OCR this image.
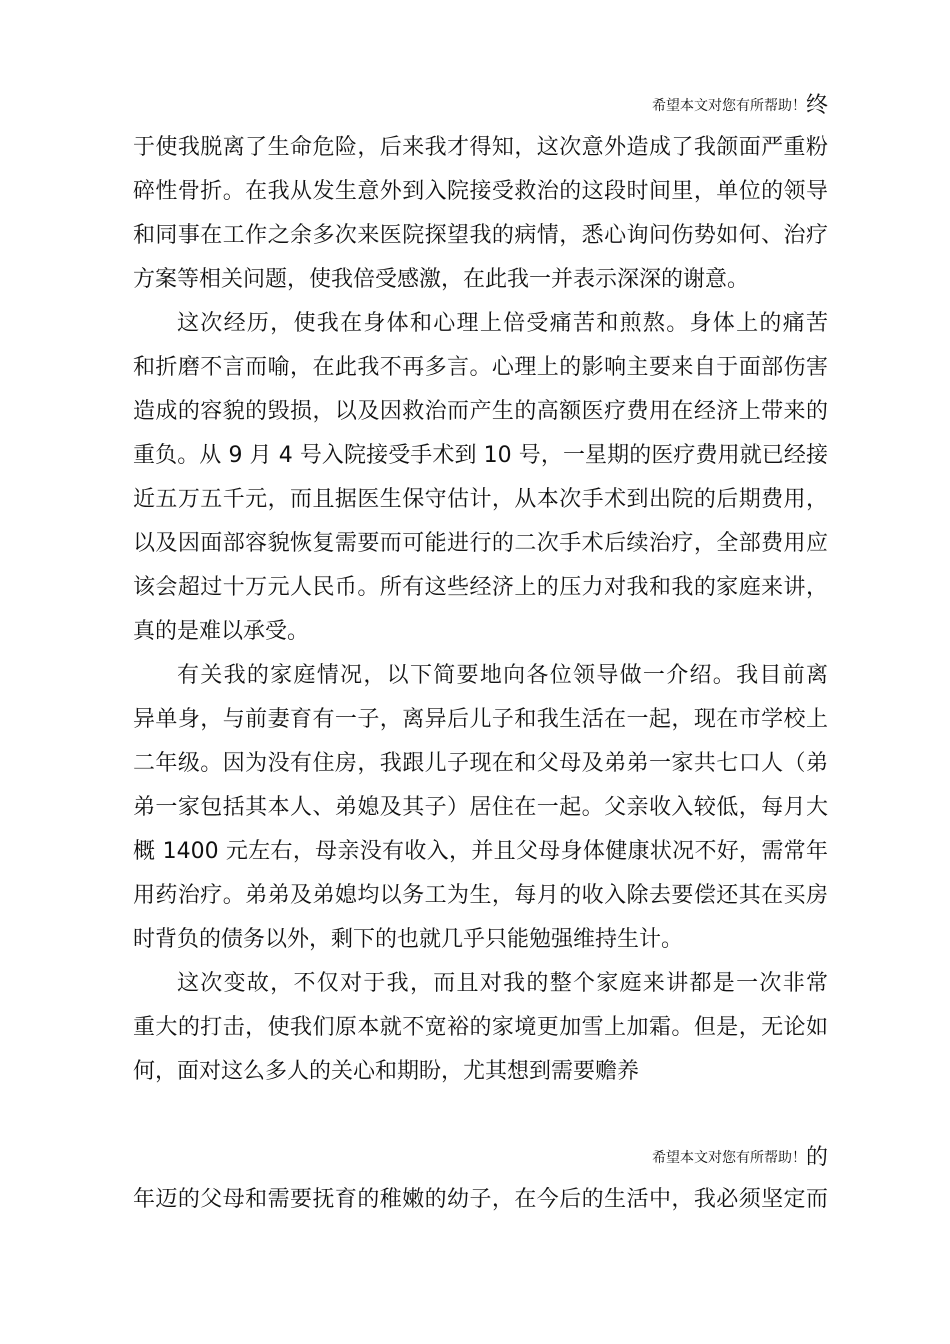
希望本文对您有所帮助！终
于使我脱离了生命危险，后来我才得知，这次意外造成了我颌面严重粉
碎性骨折。在我从发生意外到入院接受救治的这段时间里，单位的领导
和同事在工作之余多次来医院探望我的病情，悉心询问伤势如何、治疗
方案等相关问题，使我倍受感激，在此我一并表示深深的谢意。
这次经历，使我在身体和心理上倍受痛苦和煎熬。身体上的痛苦
和折磨不言而喻，在此我不再多言。心理上的影响主要来自于面部伤害
造成的容貌的毁损，以及因救治而产生的高额医疗费用在经济上带来的
重负。从 9 月 4 号入院接受手术到 10 号，一星期的医疗费用就已经接
近五万五千元，而且据医生保守估计，从本次手术到出院的后期费用，
以及因面部容貌恢复需要而可能进行的二次手术后续治疗，全部费用应
该会超过十万元人民币。所有这些经济上的压力对我和我的家庭来讲，
真的是难以承受。
有关我的家庭情况，以下简要地向各位领导做一介绍。我目前离
异单身，与前妻育有一子，离异后儿子和我生活在一起，现在市学校上
二年级。因为没有住房，我跟儿子现在和父母及弟弟一家共七口人（弟
弟一家包括其本人、弟媳及其子）居住在一起。父亲收入较低，每月大
概 1400 元左右，母亲没有收入，并且父母身体健康状况不好，需常年
用药治疗。弟弟及弟媳均以务工为生，每月的收入除去要偿还其在买房
时背负的债务以外，剩下的也就几乎只能勉强维持生计。
这次变故，不仅对于我，而且对我的整个家庭来讲都是一次非常
重大的打击，使我们原本就不宽裕的家境更加雪上加霜。但是，无论如
何，面对这么多人的关心和期盼，尤其想到需要赡养
希望本文对您有所帮助！的
年迈的父母和需要抚育的稚嫩的幼子，在今后的生活中，我必须坚定而
